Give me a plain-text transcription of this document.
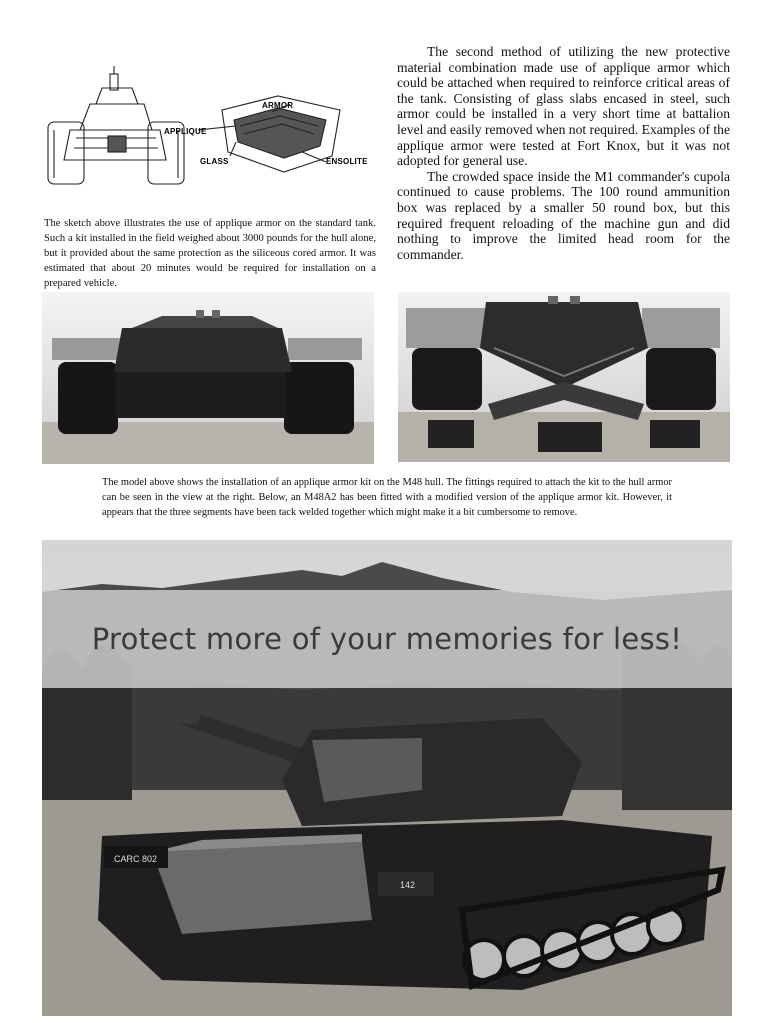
ARMOR
APPLIQUE
GLASS	ENSOLITE
The sketch above illustrates the use of applique armor on the standard tank. Such a kit installed in the field weighed about 3000 pounds for the hull alone, but it provided about the same protection as the siliceous cored armor. It was estimated that about 20 minutes would be required for installation on a prepared vehicle.

The second method of utilizing the new protective material combination made use of applique armor which could be attached when required to reinforce critical areas of the tank. Consisting of glass slabs encased in steel, such armor could be installed in a very short time at battalion level and easily removed when not required. Examples of the applique armor were tested at Fort Knox, but it was not adopted for general use.

The crowded space inside the M1 commander's cupola continued to cause problems. The 100 round ammunition box was replaced by a smaller 50 round box, but this required frequent reloading of the machine gun and did nothing to improve the limited head room for the commander.

The model above shows the installation of an applique armor kit on the M48 hull. The fittings required to attach the kit to the hull armor can be seen in the view at the right. Below, an M48A2 has been fitted with a modified version of the applique armor kit. However, it appears that the three segments have been tack welded together which might make it a bit cumbersome to remove.
CARC 802
142
Protect more of your memories for less!
